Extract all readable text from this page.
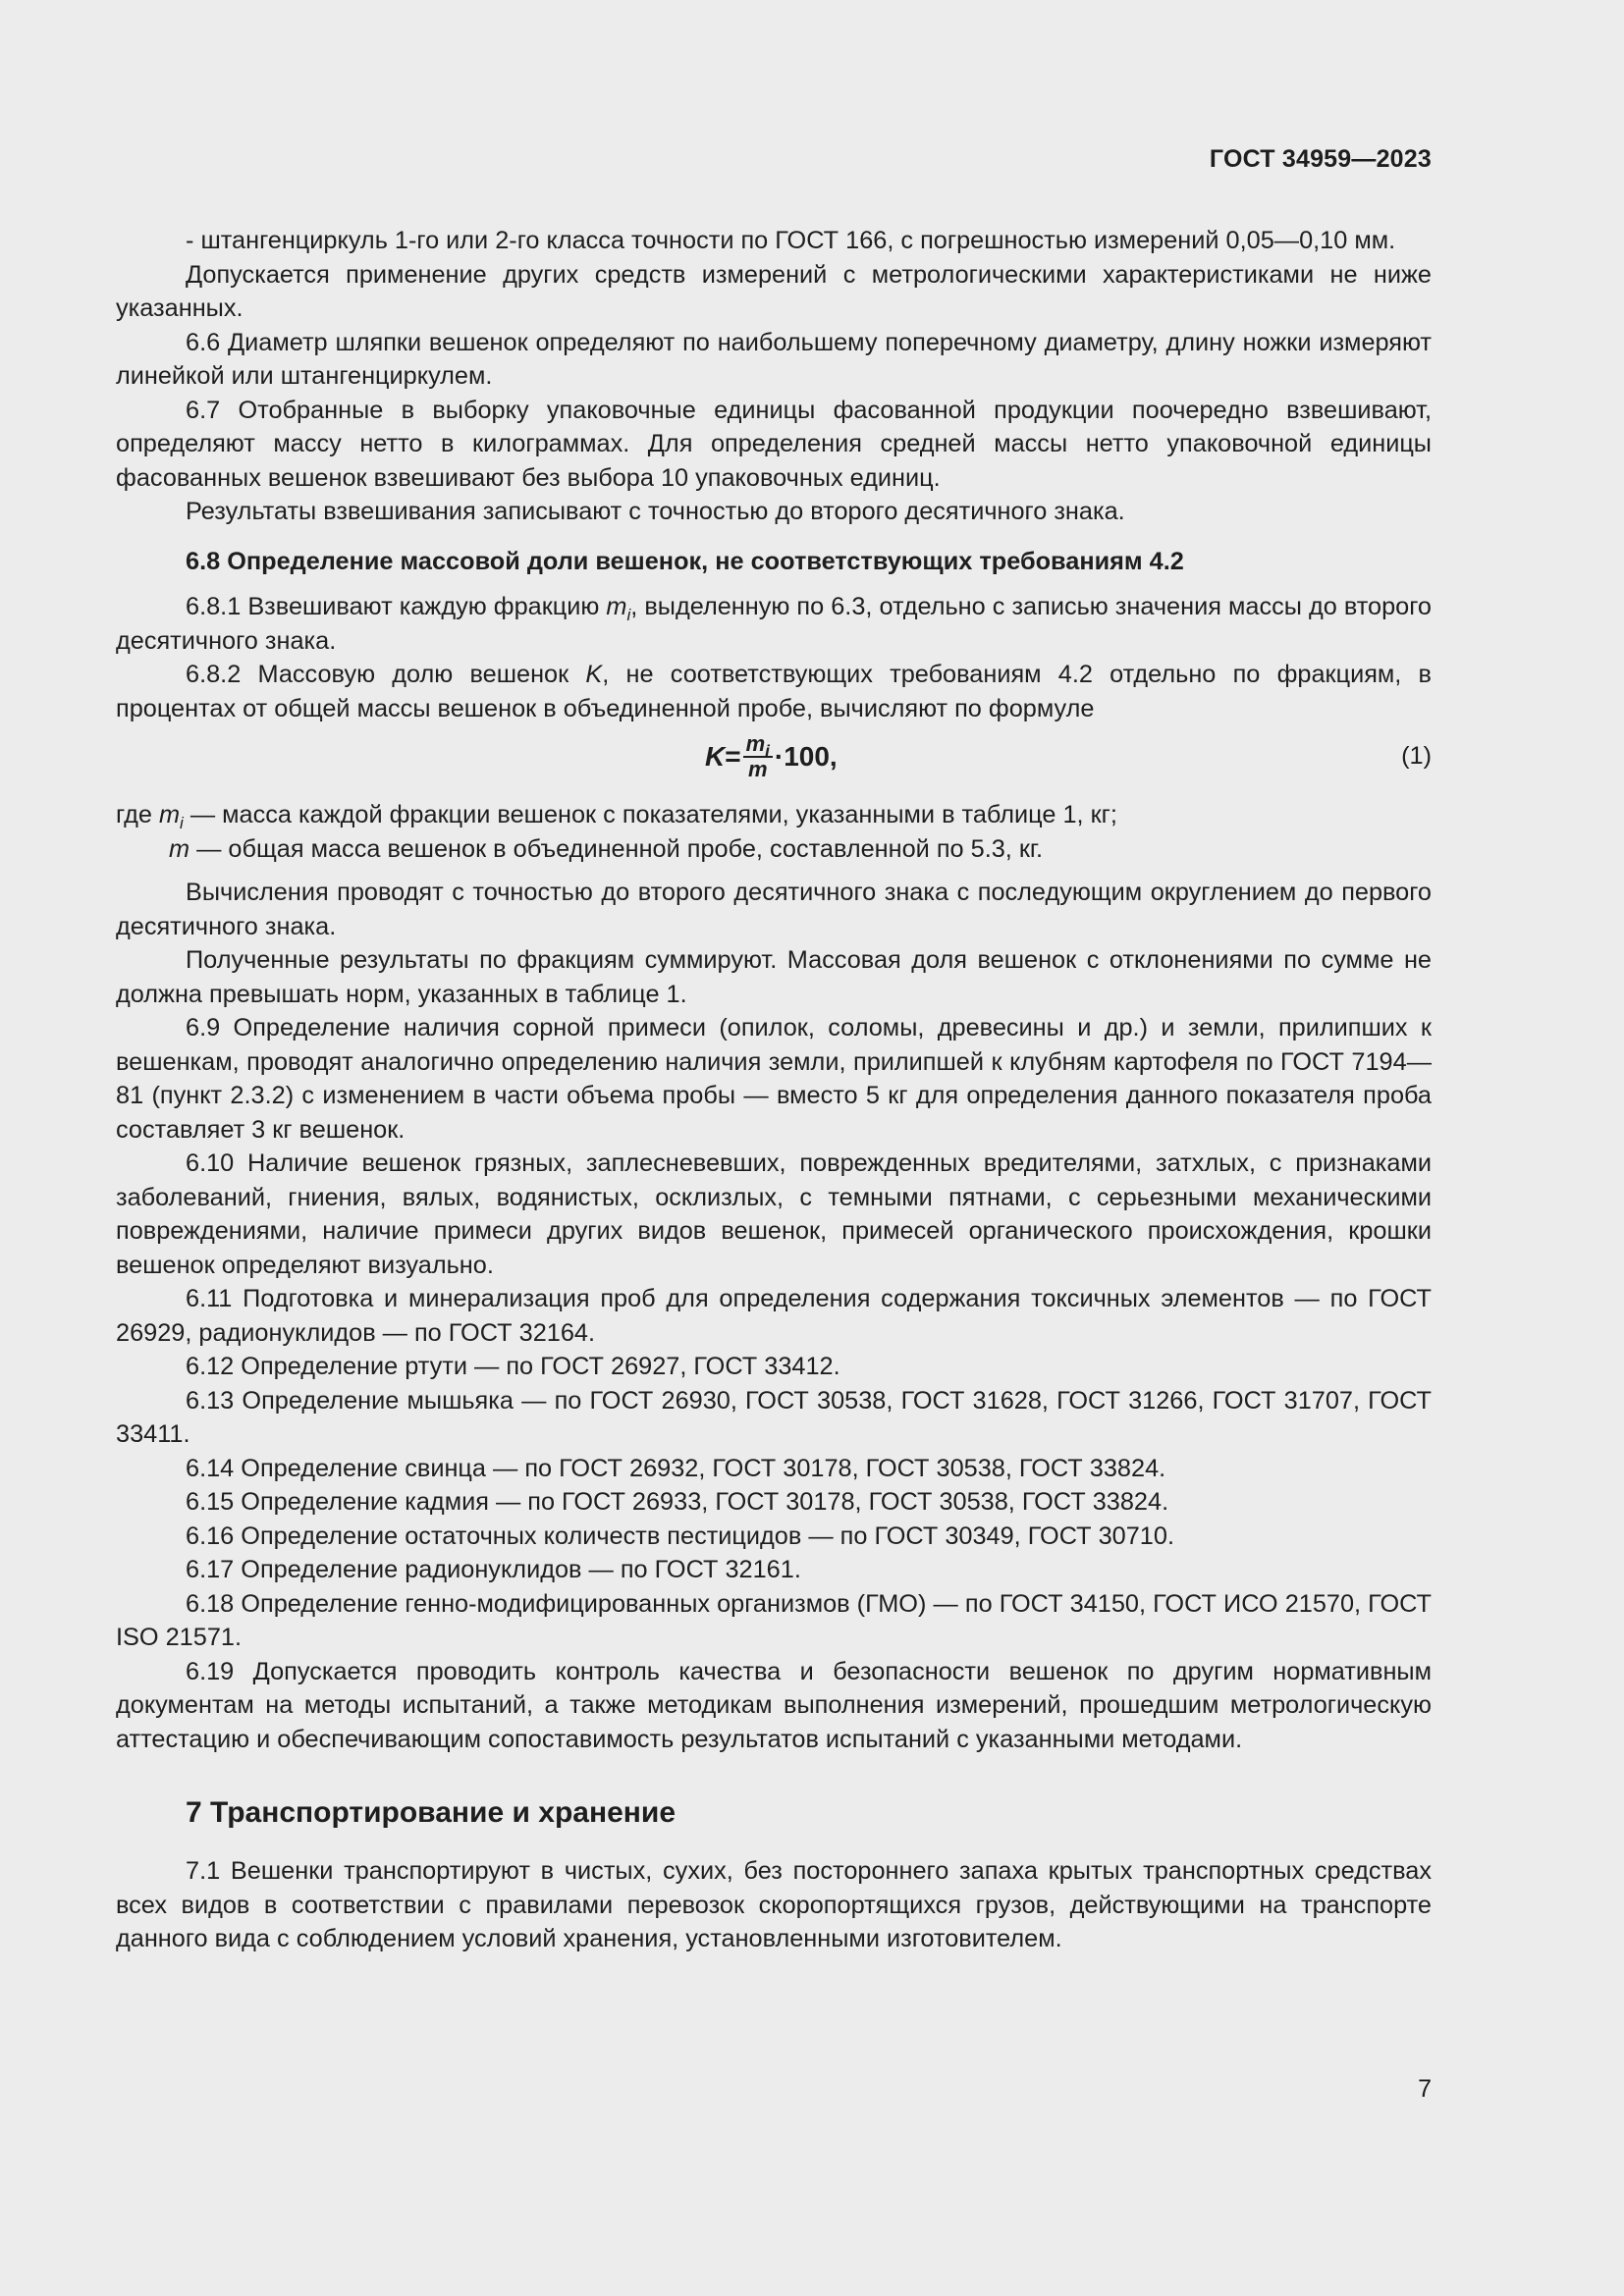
ГОСТ 34959—2023

- штангенциркуль 1-го или 2-го класса точности по ГОСТ 166, с погрешностью измерений 0,05—0,10 мм.

Допускается применение других средств измерений с метрологическими характеристиками не ниже указанных.

6.6 Диаметр шляпки вешенок определяют по наибольшему поперечному диаметру, длину ножки измеряют линейкой или штангенциркулем.

6.7 Отобранные в выборку упаковочные единицы фасованной продукции поочередно взвешивают, определяют массу нетто в килограммах. Для определения средней массы нетто упаковочной единицы фасованных вешенок взвешивают без выбора 10 упаковочных единиц.

Результаты взвешивания записывают с точностью до второго десятичного знака.

6.8 Определение массовой доли вешенок, не соответствующих требованиям 4.2

6.8.1 Взвешивают каждую фракцию $m_i$, выделенную по 6.3, отдельно с записью значения массы до второго десятичного знака.

6.8.2 Массовую долю вешенок K, не соответствующих требованиям 4.2 отдельно по фракциям, в процентах от общей массы вешенок в объединенной пробе, вычисляют по формуле

$K = \frac{m_i}{m} \cdot 100$,	(1)

где $m_i$ — масса каждой фракции вешенок с показателями, указанными в таблице 1, кг;

m — общая масса вешенок в объединенной пробе, составленной по 5.3, кг.

Вычисления проводят с точностью до второго десятичного знака с последующим округлением до первого десятичного знака.

Полученные результаты по фракциям суммируют. Массовая доля вешенок с отклонениями по сумме не должна превышать норм, указанных в таблице 1.

6.9 Определение наличия сорной примеси (опилок, соломы, древесины и др.) и земли, прилипших к вешенкам, проводят аналогично определению наличия земли, прилипшей к клубням картофеля по ГОСТ 7194—81 (пункт 2.3.2) с изменением в части объема пробы — вместо 5 кг для определения данного показателя проба составляет 3 кг вешенок.

6.10 Наличие вешенок грязных, заплесневевших, поврежденных вредителями, затхлых, с признаками заболеваний, гниения, вялых, водянистых, осклизлых, с темными пятнами, с серьезными механическими повреждениями, наличие примеси других видов вешенок, примесей органического происхождения, крошки вешенок определяют визуально.

6.11 Подготовка и минерализация проб для определения содержания токсичных элементов — по ГОСТ 26929, радионуклидов — по ГОСТ 32164.

6.12 Определение ртути — по ГОСТ 26927, ГОСТ 33412.

6.13 Определение мышьяка — по ГОСТ 26930, ГОСТ 30538, ГОСТ 31628, ГОСТ 31266, ГОСТ 31707, ГОСТ 33411.

6.14 Определение свинца — по ГОСТ 26932, ГОСТ 30178, ГОСТ 30538, ГОСТ 33824.

6.15 Определение кадмия — по ГОСТ 26933, ГОСТ 30178, ГОСТ 30538, ГОСТ 33824.

6.16 Определение остаточных количеств пестицидов — по ГОСТ 30349, ГОСТ 30710.

6.17 Определение радионуклидов — по ГОСТ 32161.

6.18 Определение генно-модифицированных организмов (ГМО) — по ГОСТ 34150, ГОСТ ИСО 21570, ГОСТ ISO 21571.

6.19 Допускается проводить контроль качества и безопасности вешенок по другим нормативным документам на методы испытаний, а также методикам выполнения измерений, прошедшим метрологическую аттестацию и обеспечивающим сопоставимость результатов испытаний с указанными методами.

7 Транспортирование и хранение

7.1 Вешенки транспортируют в чистых, сухих, без постороннего запаха крытых транспортных средствах всех видов в соответствии с правилами перевозок скоропортящихся грузов, действующими на транспорте данного вида с соблюдением условий хранения, установленными изготовителем.

7
